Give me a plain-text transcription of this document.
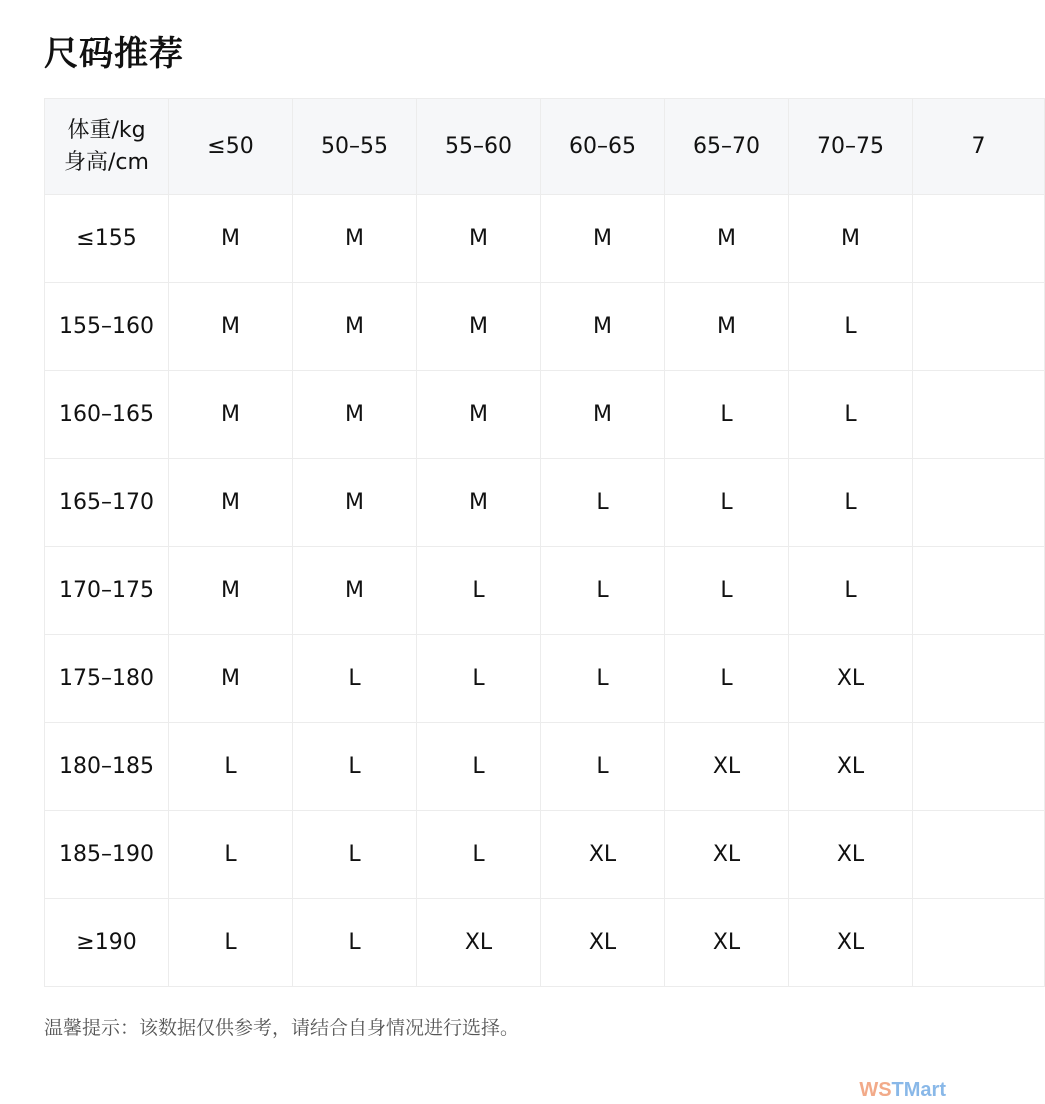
尺码推荐
体重/kg
身高/cm	≤50	50–55	55–60	60–65	65–70	70–75	7	
≤155	M	M	M	M	M	M		
155–160	M	M	M	M	M	L		
160–165	M	M	M	M	L	L		
165–170	M	M	M	L	L	L		
170–175	M	M	L	L	L	L		
175–180	M	L	L	L	L	XL		
180–185	L	L	L	L	XL	XL		
185–190	L	L	L	XL	XL	XL		
≥190	L	L	XL	XL	XL	XL		
温馨提示：该数据仅供参考，请结合自身情况进行选择。
WSTMart
